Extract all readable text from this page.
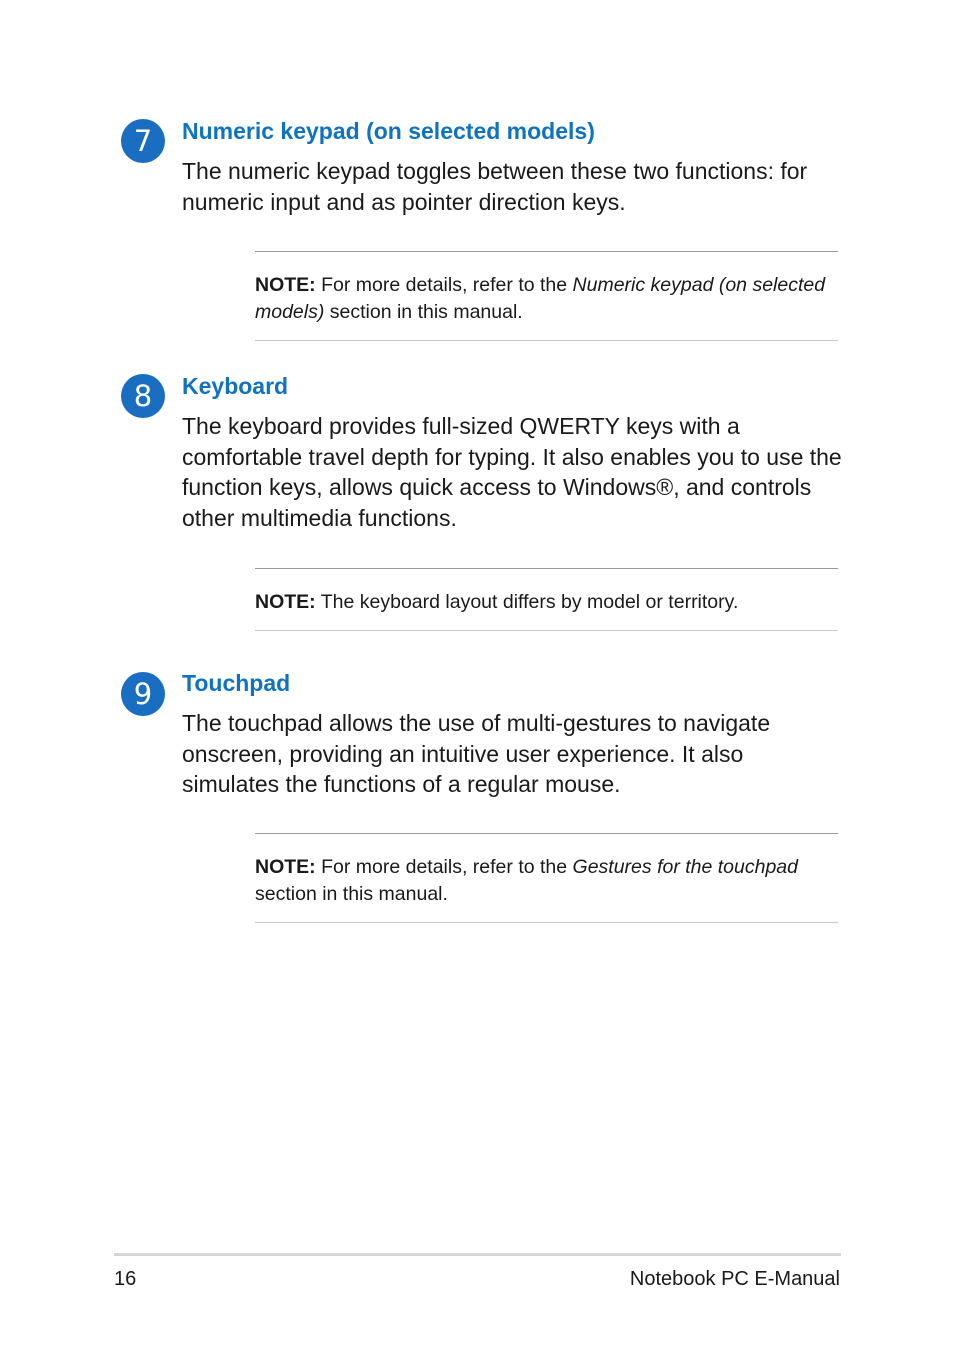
7	Numeric keypad (on selected models)

The numeric keypad toggles between these two functions: for numeric input and as pointer direction keys.

NOTE: For more details, refer to the Numeric keypad (on selected models) section in this manual.

8	Keyboard

The keyboard provides full-sized QWERTY keys with a comfortable travel depth for typing. It also enables you to use the function keys, allows quick access to Windows®, and controls other multimedia functions.

NOTE: The keyboard layout differs by model or territory.

9	Touchpad

The touchpad allows the use of multi-gestures to navigate onscreen, providing an intuitive user experience. It also simulates the functions of a regular mouse.

NOTE: For more details, refer to the Gestures for the touchpad section in this manual.

16	Notebook PC E-Manual
